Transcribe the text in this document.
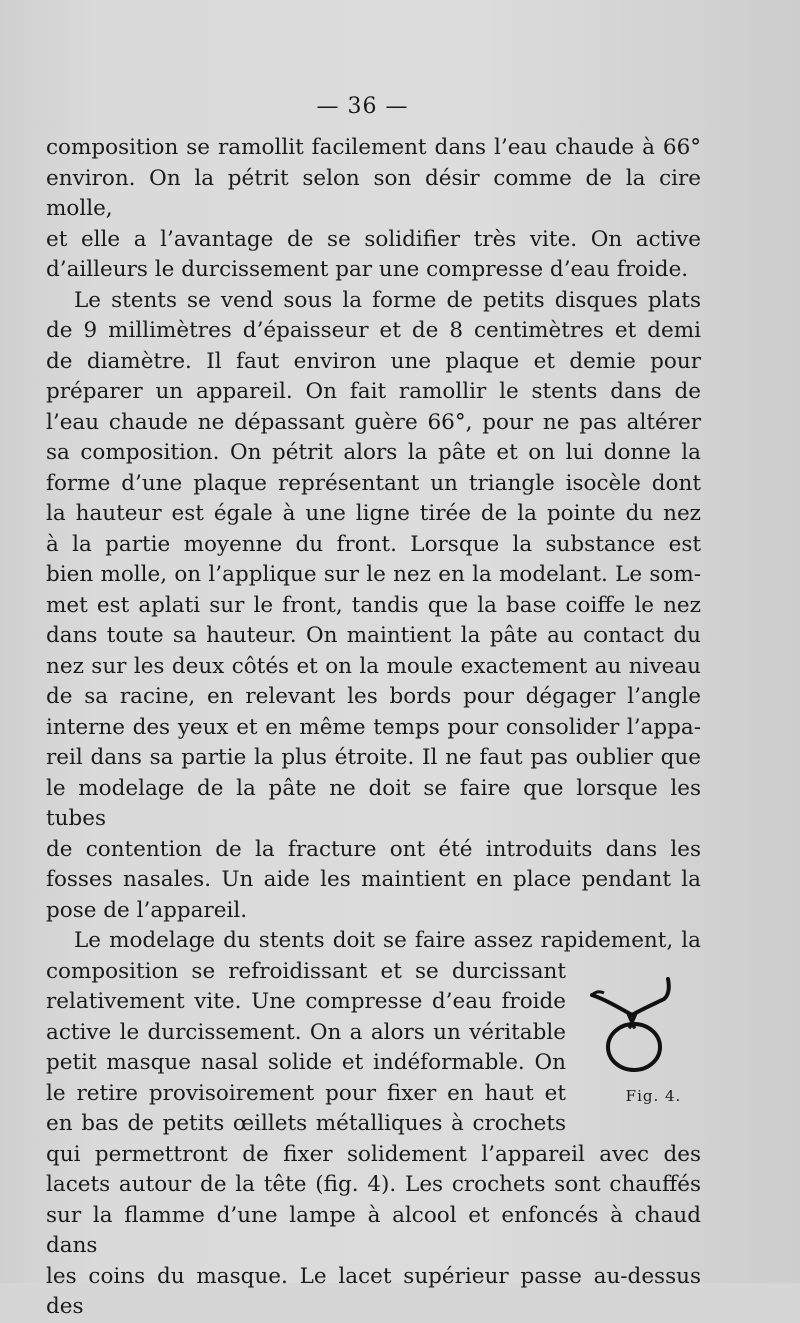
— 36 —

composition se ramollit facilement dans l’eau chaude à 66°

environ. On la pétrit selon son désir comme de la cire molle,

et elle a l’avantage de se solidifier très vite. On active

d’ailleurs le durcissement par une compresse d’eau froide.

Le stents se vend sous la forme de petits disques plats

de 9 millimètres d’épaisseur et de 8 centimètres et demi

de diamètre. Il faut environ une plaque et demie pour

préparer un appareil. On fait ramollir le stents dans de

l’eau chaude ne dépassant guère 66°, pour ne pas altérer

sa composition. On pétrit alors la pâte et on lui donne la

forme d’une plaque représentant un triangle isocèle dont

la hauteur est égale à une ligne tirée de la pointe du nez

à la partie moyenne du front. Lorsque la substance est

bien molle, on l’applique sur le nez en la modelant. Le som-

met est aplati sur le front, tandis que la base coiffe le nez

dans toute sa hauteur. On maintient la pâte au contact du

nez sur les deux côtés et on la moule exactement au niveau

de sa racine, en relevant les bords pour dégager l’angle

interne des yeux et en même temps pour consolider l’appa-

reil dans sa partie la plus étroite. Il ne faut pas oublier que

le modelage de la pâte ne doit se faire que lorsque les tubes

de contention de la fracture ont été introduits dans les

fosses nasales. Un aide les maintient en place pendant la

pose de l’appareil.

Le modelage du stents doit se faire assez rapidement, la

composition se refroidissant et se durcissant

relativement vite. Une compresse d’eau froide

active le durcissement. On a alors un véritable

petit masque nasal solide et indéformable. On

le retire provisoirement pour fixer en haut et

en bas de petits œillets métalliques à crochets

Fig. 4.

qui permettront de fixer solidement l’appareil avec des

lacets autour de la tête (fig. 4). Les crochets sont chauffés

sur la flamme d’une lampe à alcool et enfoncés à chaud dans

les coins du masque. Le lacet supérieur passe au-dessus des
